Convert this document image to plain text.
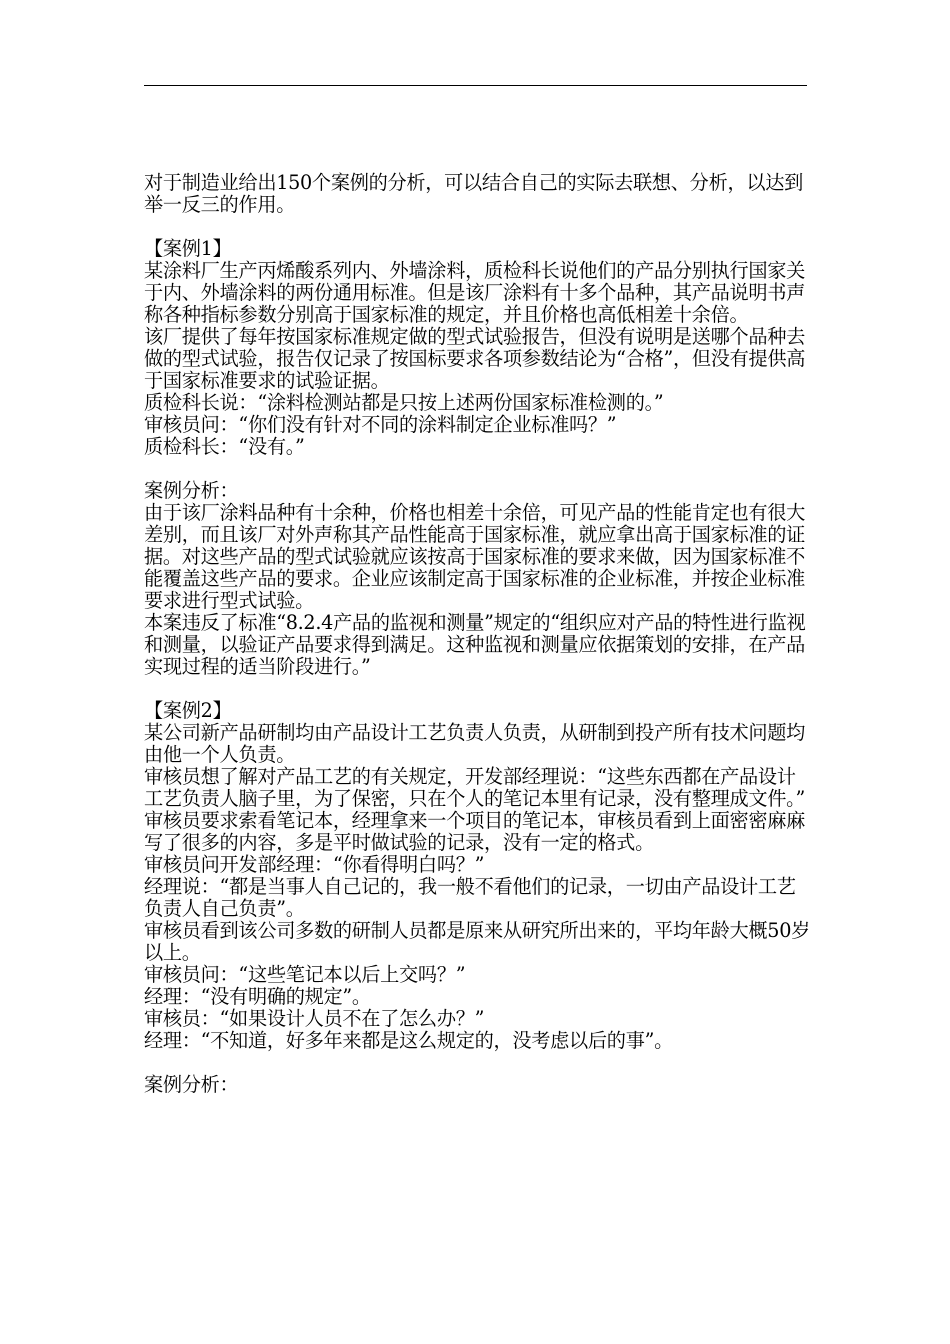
对于制造业给出150个案例的分析，可以结合自己的实际去联想、分析，以达到举一反三的作用。

【案例1】

某涂料厂生产丙烯酸系列内、外墙涂料，质检科长说他们的产品分别执行国家关于内、外墙涂料的两份通用标准。但是该厂涂料有十多个品种，其产品说明书声称各种指标参数分别高于国家标准的规定，并且价格也高低相差十余倍。

该厂提供了每年按国家标准规定做的型式试验报告，但没有说明是送哪个品种去做的型式试验，报告仅记录了按国标要求各项参数结论为“合格”，但没有提供高于国家标准要求的试验证据。

质检科长说：“涂料检测站都是只按上述两份国家标准检测的。”

审核员问：“你们没有针对不同的涂料制定企业标准吗？”

质检科长：“没有。”

案例分析：

由于该厂涂料品种有十余种，价格也相差十余倍，可见产品的性能肯定也有很大差别，而且该厂对外声称其产品性能高于国家标准，就应拿出高于国家标准的证据。对这些产品的型式试验就应该按高于国家标准的要求来做，因为国家标准不能覆盖这些产品的要求。企业应该制定高于国家标准的企业标准，并按企业标准要求进行型式试验。

本案违反了标准“8.2.4产品的监视和测量”规定的“组织应对产品的特性进行监视和测量，以验证产品要求得到满足。这种监视和测量应依据策划的安排，在产品实现过程的适当阶段进行。”

【案例2】

某公司新产品研制均由产品设计工艺负责人负责，从研制到投产所有技术问题均由他一个人负责。

审核员想了解对产品工艺的有关规定，开发部经理说：“这些东西都在产品设计工艺负责人脑子里，为了保密，只在个人的笔记本里有记录，没有整理成文件。”

审核员要求索看笔记本，经理拿来一个项目的笔记本，审核员看到上面密密麻麻写了很多的内容，多是平时做试验的记录，没有一定的格式。

审核员问开发部经理：“你看得明白吗？”

经理说：“都是当事人自己记的，我一般不看他们的记录，一切由产品设计工艺负责人自己负责”。

审核员看到该公司多数的研制人员都是原来从研究所出来的，平均年龄大概50岁以上。

审核员问：“这些笔记本以后上交吗？”

经理：“没有明确的规定”。

审核员：“如果设计人员不在了怎么办？”

经理：“不知道，好多年来都是这么规定的，没考虑以后的事”。

案例分析：
